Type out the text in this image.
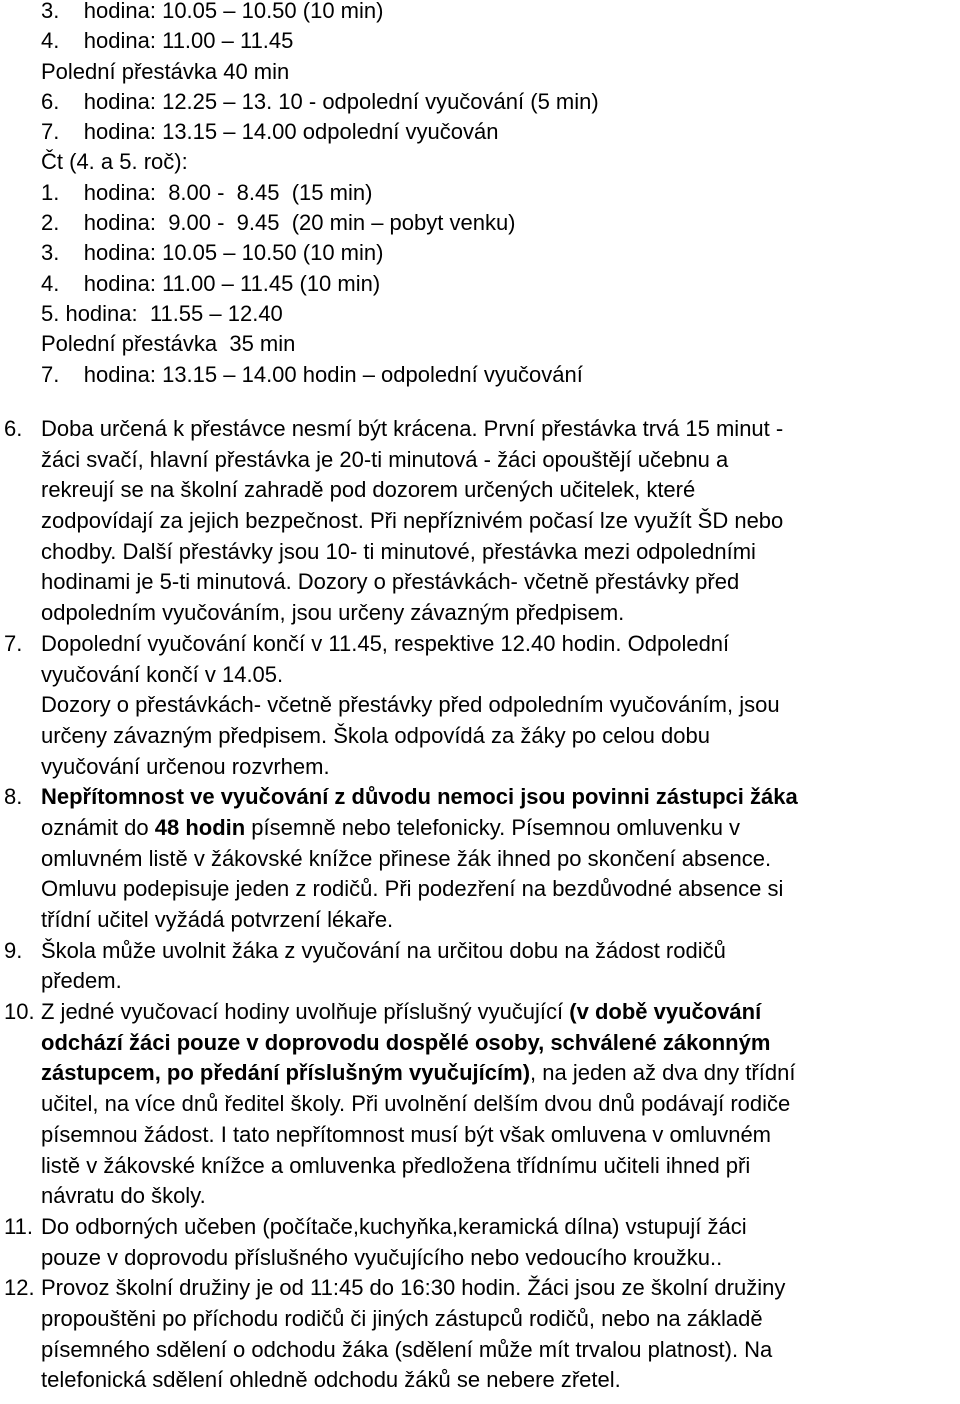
3.    hodina: 10.05 – 10.50 (10 min)
4.    hodina: 11.00 – 11.45
Polední přestávka 40 min
6.    hodina: 12.25 – 13. 10 - odpolední vyučování (5 min)
7.    hodina: 13.15 – 14.00 odpolední vyučován
Čt (4. a 5. roč):
1.    hodina:  8.00 -  8.45  (15 min)
2.    hodina:  9.00 -  9.45  (20 min – pobyt venku)
3.    hodina: 10.05 – 10.50 (10 min)
4.    hodina: 11.00 – 11.45 (10 min)
5. hodina:  11.55 – 12.40
Polední přestávka  35 min
7.    hodina: 13.15 – 14.00 hodin – odpolední vyučování
6. Doba určená k přestávce nesmí být krácena. První přestávka trvá 15 minut -
žáci svačí, hlavní přestávka je 20-ti minutová - žáci opouštějí učebnu a
rekreují se na školní zahradě pod dozorem určených učitelek, které
zodpovídají za jejich bezpečnost. Při nepříznivém počasí lze využít ŠD nebo
chodby. Další přestávky jsou 10- ti minutové, přestávka mezi odpoledními
hodinami je 5-ti minutová. Dozory o přestávkách- včetně přestávky před
odpoledním vyučováním, jsou určeny závazným předpisem.
7. Dopolední vyučování končí v 11.45, respektive 12.40 hodin. Odpolední
vyučování končí v 14.05.
Dozory o přestávkách- včetně přestávky před odpoledním vyučováním, jsou
určeny závazným předpisem. Škola odpovídá za žáky po celou dobu
vyučování určenou rozvrhem.
8. Nepřítomnost ve vyučování z důvodu nemoci jsou povinni zástupci žáka
oznámit do 48 hodin písemně nebo telefonicky. Písemnou omluvenku v
omluvném listě v žákovské knížce přinese žák ihned po skončení absence.
Omluvu podepisuje jeden z rodičů. Při podezření na bezdůvodné absence si
třídní učitel vyžádá potvrzení lékaře.
9. Škola může uvolnit žáka z vyučování na určitou dobu na žádost rodičů
předem.
10. Z jedné vyučovací hodiny uvolňuje příslušný vyučující (v době vyučování
odchází žáci pouze v doprovodu dospělé osoby, schválené zákonným
zástupcem, po předání příslušným vyučujícím), na jeden až dva dny třídní
učitel, na více dnů ředitel školy. Při uvolnění delším dvou dnů podávají rodiče
písemnou žádost. I tato nepřítomnost musí být však omluvena v omluvném
listě v žákovské knížce a omluvenka předložena třídnímu učiteli ihned při
návratu do školy.
11. Do odborných učeben (počítače,kuchyňka,keramická dílna) vstupují žáci
pouze v doprovodu příslušného vyučujícího nebo vedoucího kroužku..
12. Provoz školní družiny je od 11:45 do 16:30 hodin. Žáci jsou ze školní družiny
propouštěni po příchodu rodičů či jiných zástupců rodičů, nebo na základě
písemného sdělení o odchodu žáka (sdělení může mít trvalou platnost). Na
telefonická sdělení ohledně odchodu žáků se nebere zřetel.
